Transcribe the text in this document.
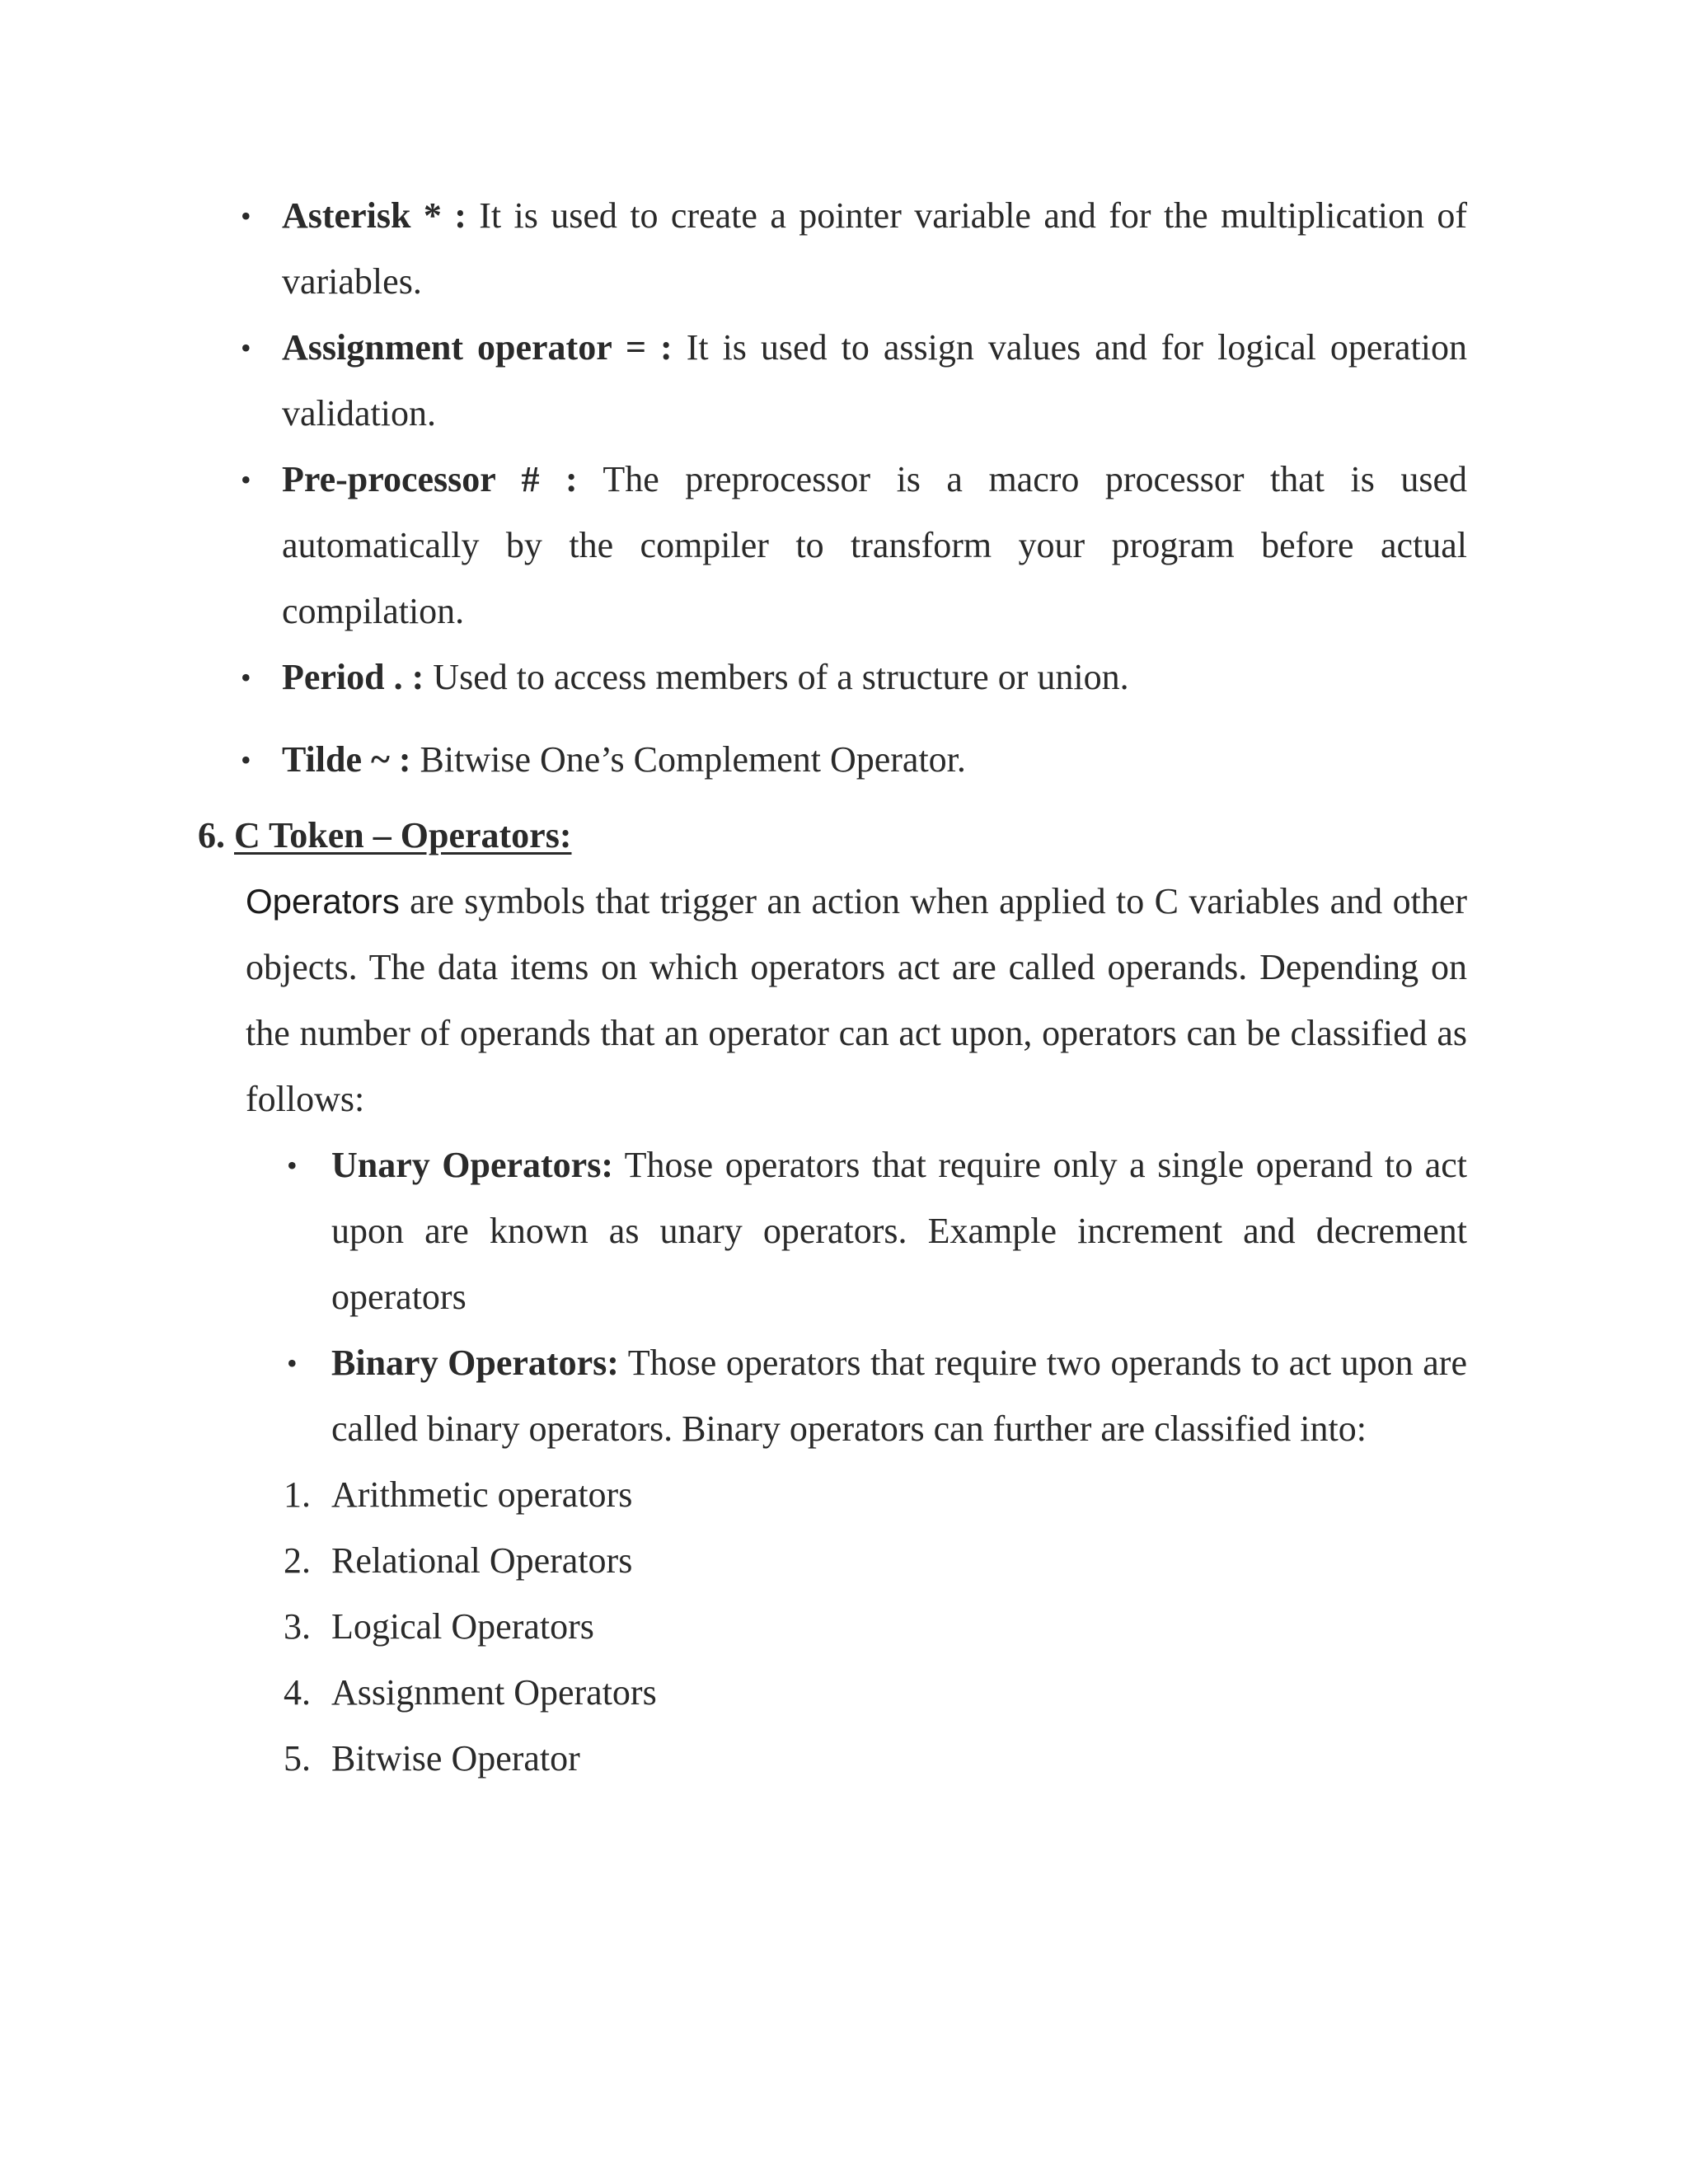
• Asterisk * : It is used to create a pointer variable and for the multiplication of variables.
• Assignment operator = : It is used to assign values and for logical operation validation.
• Pre-processor # : The preprocessor is a macro processor that is used automatically by the compiler to transform your program before actual compilation.
• Period . : Used to access members of a structure or union.
• Tilde ~ : Bitwise One’s Complement Operator.
6. C Token – Operators:

Operators are symbols that trigger an action when applied to C variables and other objects. The data items on which operators act are called operands. Depending on the number of operands that an operator can act upon, operators can be classified as follows:

• Unary Operators: Those operators that require only a single operand to act upon are known as unary operators. Example increment and decrement operators
• Binary Operators: Those operators that require two operands to act upon are called binary operators. Binary operators can further are classified into:
1. Arithmetic operators
2. Relational Operators
3. Logical Operators
4. Assignment Operators
5. Bitwise Operator
